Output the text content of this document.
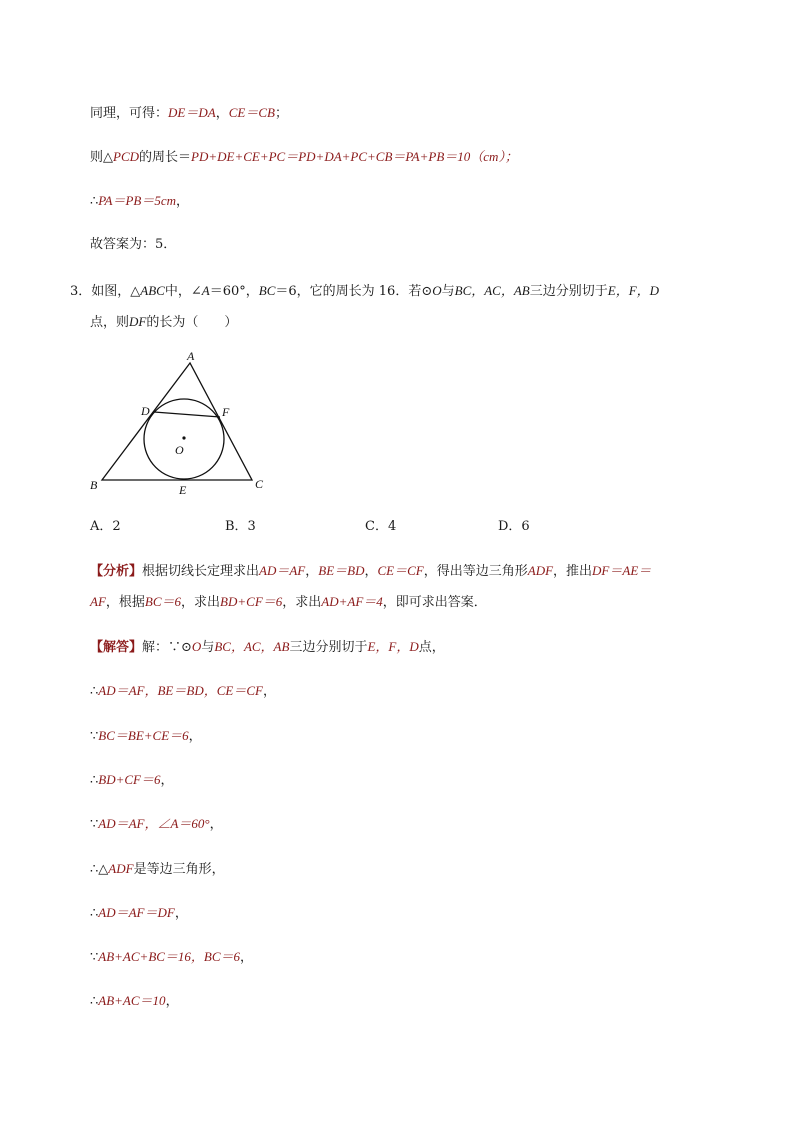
同理，可得：DE＝DA，CE＝CB；
则△PCD的周长＝PD+DE+CE+PC＝PD+DA+PC+CB＝PA+PB＝10（cm）；
∴PA＝PB＝5cm，
故答案为：5．
3．如图，△ABC中，∠A＝60°，BC＝6，它的周长为 16．若⊙O与BC，AC，AB三边分别切于E，F，D
点，则DF的长为（　　）
A
B	C
D
E
F
O
A．2	B．3	C．4	D．6
【分析】根据切线长定理求出AD＝AF，BE＝BD，CE＝CF，得出等边三角形ADF，推出DF＝AE＝
AF，根据BC＝6，求出BD+CF＝6，求出AD+AF＝4，即可求出答案．
【解答】解：∵⊙O与BC，AC，AB三边分别切于E，F，D点，
∴AD＝AF，BE＝BD，CE＝CF，
∵BC＝BE+CE＝6，
∴BD+CF＝6，
∵AD＝AF，∠A＝60°，
∴△ADF是等边三角形，
∴AD＝AF＝DF，
∵AB+AC+BC＝16，BC＝6，
∴AB+AC＝10，
